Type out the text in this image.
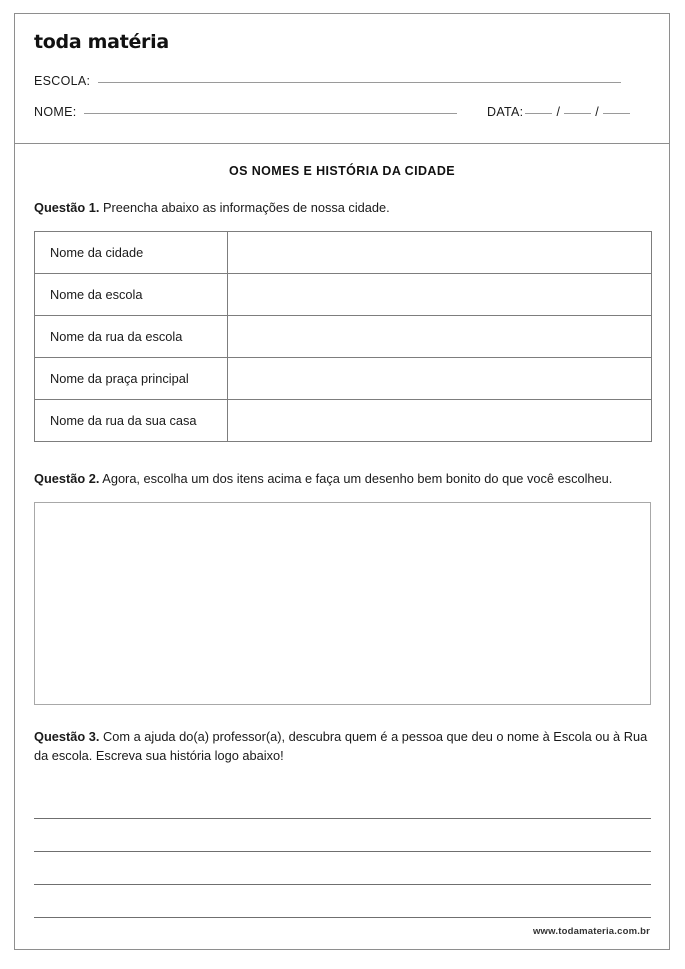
toda matéria
ESCOLA:
NOME:	DATA:	/	/
OS NOMES E HISTÓRIA DA CIDADE
Questão 1. Preencha abaixo as informações de nossa cidade.
Nome da cidade	
Nome da escola	
Nome da rua da escola	
Nome da praça principal	
Nome da rua da sua casa	
Questão 2. Agora, escolha um dos itens acima e faça um desenho bem bonito do que você escolheu.
Questão 3. Com a ajuda do(a) professor(a), descubra quem é a pessoa que deu o nome à Escola ou à Rua da escola. Escreva sua história logo abaixo!
www.todamateria.com.br
